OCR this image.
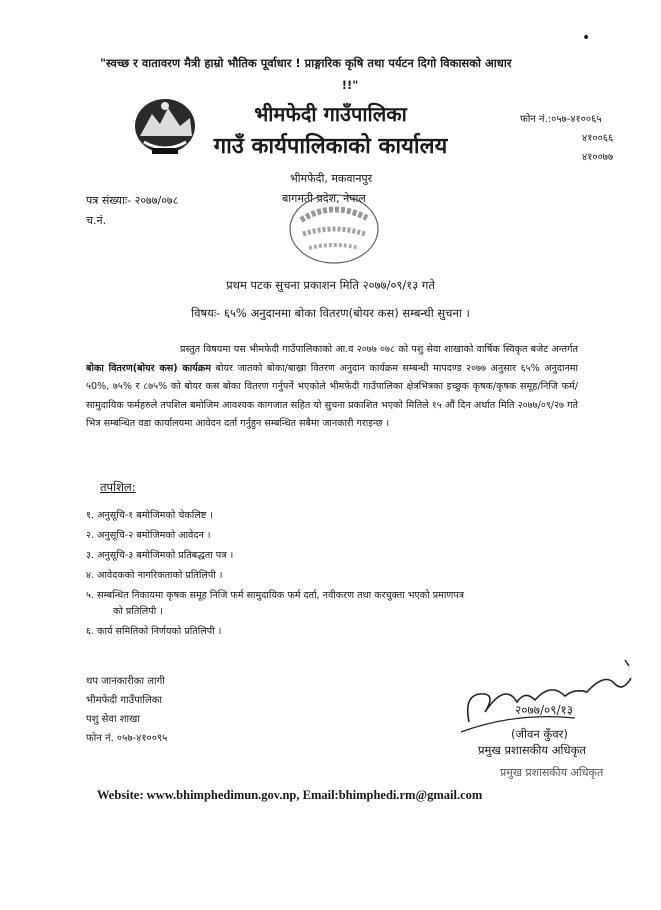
•
"स्वच्छ र वातावरण मैत्री हाम्रो भौतिक पूर्वाधार ! प्राङ्गारिक कृषि तथा पर्यटन दिगो विकासको आधार
!!"
भीमफेदी गाउँपालिका
गाउँ कार्यपालिकाको कार्यालय
फोन नं.:०५७-४१००६५
४१००६६
४१००७७
भीमफेदी, मकवानपुर
बागमती प्रदेश, नेपाल
पत्र संख्याः- २०७७/०७८
च.नं.
प्रथम पटक सुचना प्रकाशन मिति २०७७/०९/१३ गते
विषयः- ६५% अनुदानमा बोका वितरण(बोयर कस) सम्बन्धी सुचना ।
प्रस्तुत विषयमा यस भीमफेदी गाउँपालिकाको आ.व २०७७ ०७८ को पशु सेवा शाखाको वार्षिक स्विकृत बजेट अन्तर्गत बोका वितरण(बोयर कस) कार्यक्रम बोयर जातको बोका/बाख्रा वितरण अनुदान कार्यक्रम सम्बन्धी मापदण्ड २०७७ अनुसार ६५% अनुदानमा ५0%, ७५% र ८७५% को बोयर कस बोका वितरण गर्नुपर्ने भएकोले भीमफेदी गाउँपालिका क्षेत्रभित्रका इच्छुक कृषक/कृषक समूह/निजि फर्म/ सामुदायिक फर्महरुले तपशिल बमोजिम आवश्यक कागजात सहित यो सुचना प्रकाशित भएको मितिले १५ औं दिन अर्थात मिति २०७७/०९/२७ गते भित्र सम्बन्धित वडा कार्यालयमा आवेदन दर्ता गर्नुहुन सम्बन्धित सबैमा जानकारी गराइन्छ ।
तपशिल:
१. अनुसूचि-१ बमोजिमको चेकलिष्ट ।
२. अनुसूचि-२ बमोजिमको आवेदन ।
३. अनुसूचि-३ बमोजिमको प्रतिबद्धता पत्र ।
४. आवेदकको नागरिकताको प्रतिलिपी ।
५. सम्बन्धित निकायमा कृषक समूह निजि फर्म सामुदायिक फर्म दर्ता, नवीकरण तथा करचुक्ता भएको प्रमाणपत्र
को प्रतिलिपी ।
६. कार्य समितिको निर्णयको प्रतिलिपी ।
थप जानकारीका लागी
भीमफेदी गाउँपालिका
पशु सेवा शाखा
फोन नं. ०५७-४१००९५
२०७७/०९/१३
(जीवन कुँवर)
प्रमुख प्रशासकीय अधिकृत
प्रमुख प्रशासकीय अधिकृत
Website: www.bhimphedimun.gov.np, Email:bhimphedi.rm@gmail.com
